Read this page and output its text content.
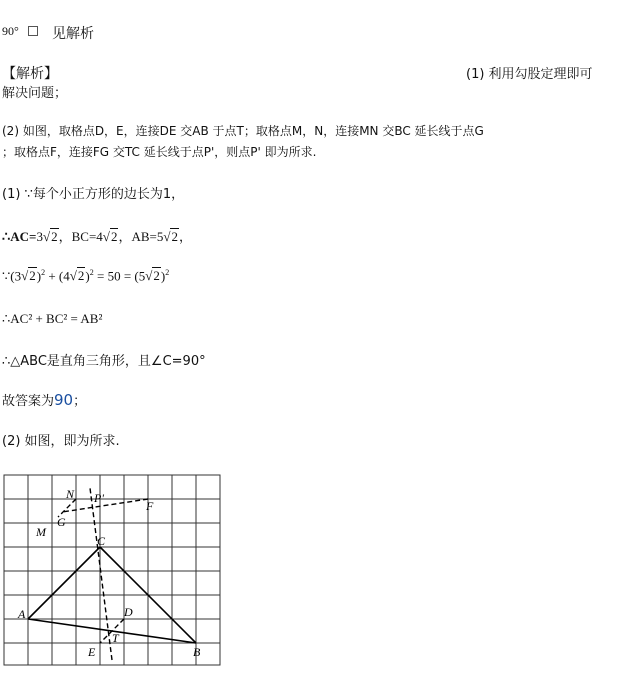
90° 见解析
【解析】	(1) 利用勾股定理即可
解决问题；
(2) 如图，取格点D，E，连接DE 交AB 于点T；取格点M，N，连接MN 交BC 延长线于点G
；取格点F，连接FG 交TC 延长线于点P'，则点P' 即为所求.
(1) ∵每个小正方形的边长为1，
∴AC=3√2，BC=4√2，AB=5√2，
$\because(3√2)^2 + (4√2)^2 = 50 = (5√2)^2$
∴AC² + BC² = AB²
∴△ABC是直角三角形，且∠C=90°
故答案为90；
(2) 如图，即为所求.
A
B
C
D
E
T
M
N
G
F
P'
